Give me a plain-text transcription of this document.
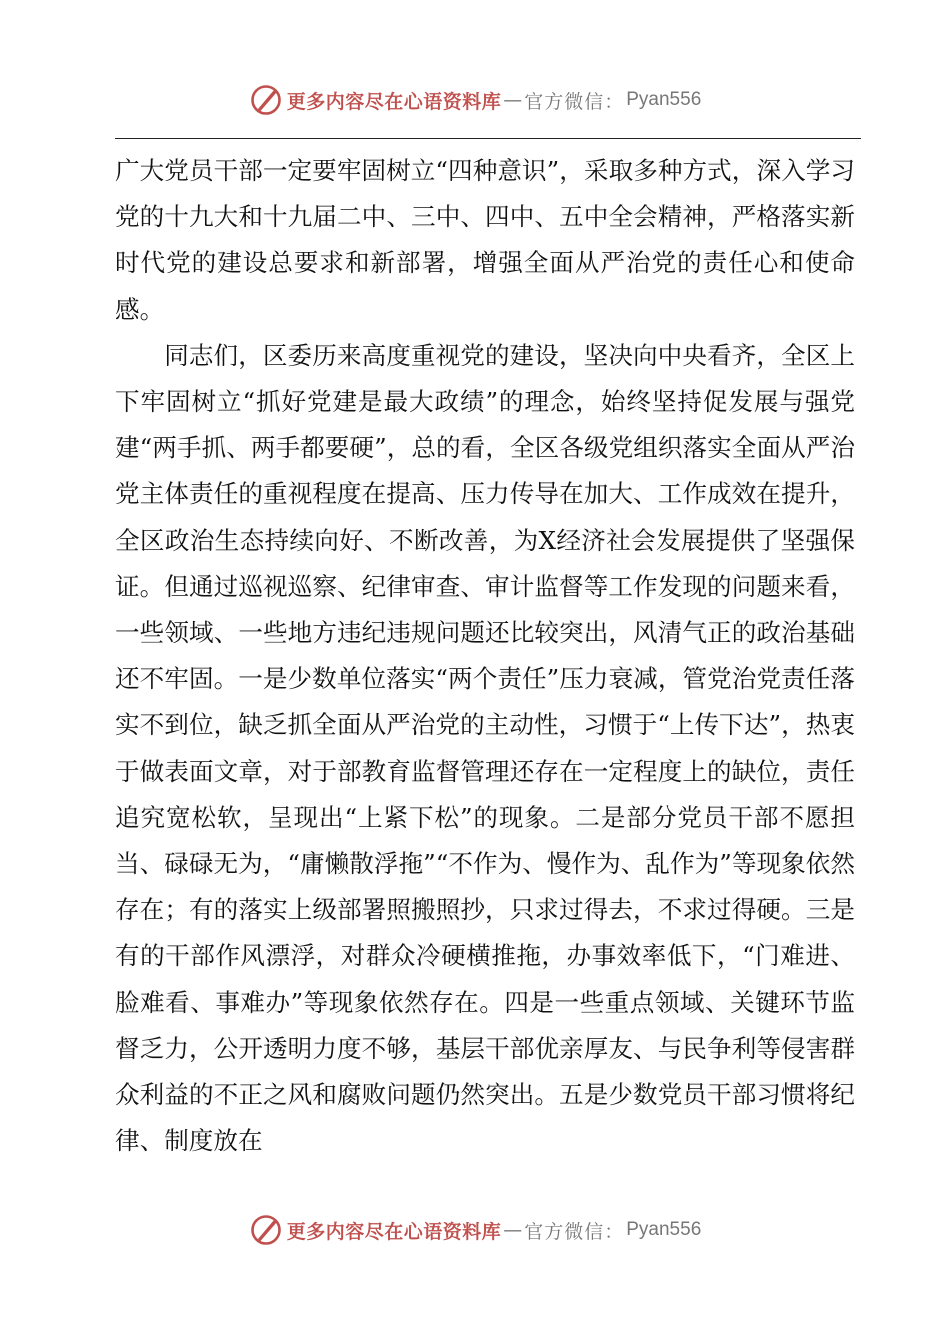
更多内容尽在心语资料库 — 官方微信： Pyan556

广大党员干部一定要牢固树立“四种意识”，采取多种方式，深入学习党的十九大和十九届二中、三中、四中、五中全会精神，严格落实新时代党的建设总要求和新部署，增强全面从严治党的责任心和使命感。

同志们，区委历来高度重视党的建设，坚决向中央看齐，全区上下牢固树立“抓好党建是最大政绩”的理念，始终坚持促发展与强党建“两手抓、两手都要硬”，总的看，全区各级党组织落实全面从严治党主体责任的重视程度在提高、压力传导在加大、工作成效在提升，全区政治生态持续向好、不断改善，为X经济社会发展提供了坚强保证。但通过巡视巡察、纪律审查、审计监督等工作发现的问题来看，一些领域、一些地方违纪违规问题还比较突出，风清气正的政治基础还不牢固。一是少数单位落实“两个责任”压力衰减，管党治党责任落实不到位，缺乏抓全面从严治党的主动性，习惯于“上传下达”，热衷于做表面文章，对于部教育监督管理还存在一定程度上的缺位，责任追究宽松软，呈现出“上紧下松”的现象。二是部分党员干部不愿担当、碌碌无为，“庸懒散浮拖”“不作为、慢作为、乱作为”等现象依然存在；有的落实上级部署照搬照抄，只求过得去，不求过得硬。三是有的干部作风漂浮，对群众冷硬横推拖，办事效率低下，“门难进、脸难看、事难办”等现象依然存在。四是一些重点领域、关键环节监督乏力，公开透明力度不够，基层干部优亲厚友、与民争利等侵害群众利益的不正之风和腐败问题仍然突出。五是少数党员干部习惯将纪律、制度放在

更多内容尽在心语资料库 — 官方微信： Pyan556
